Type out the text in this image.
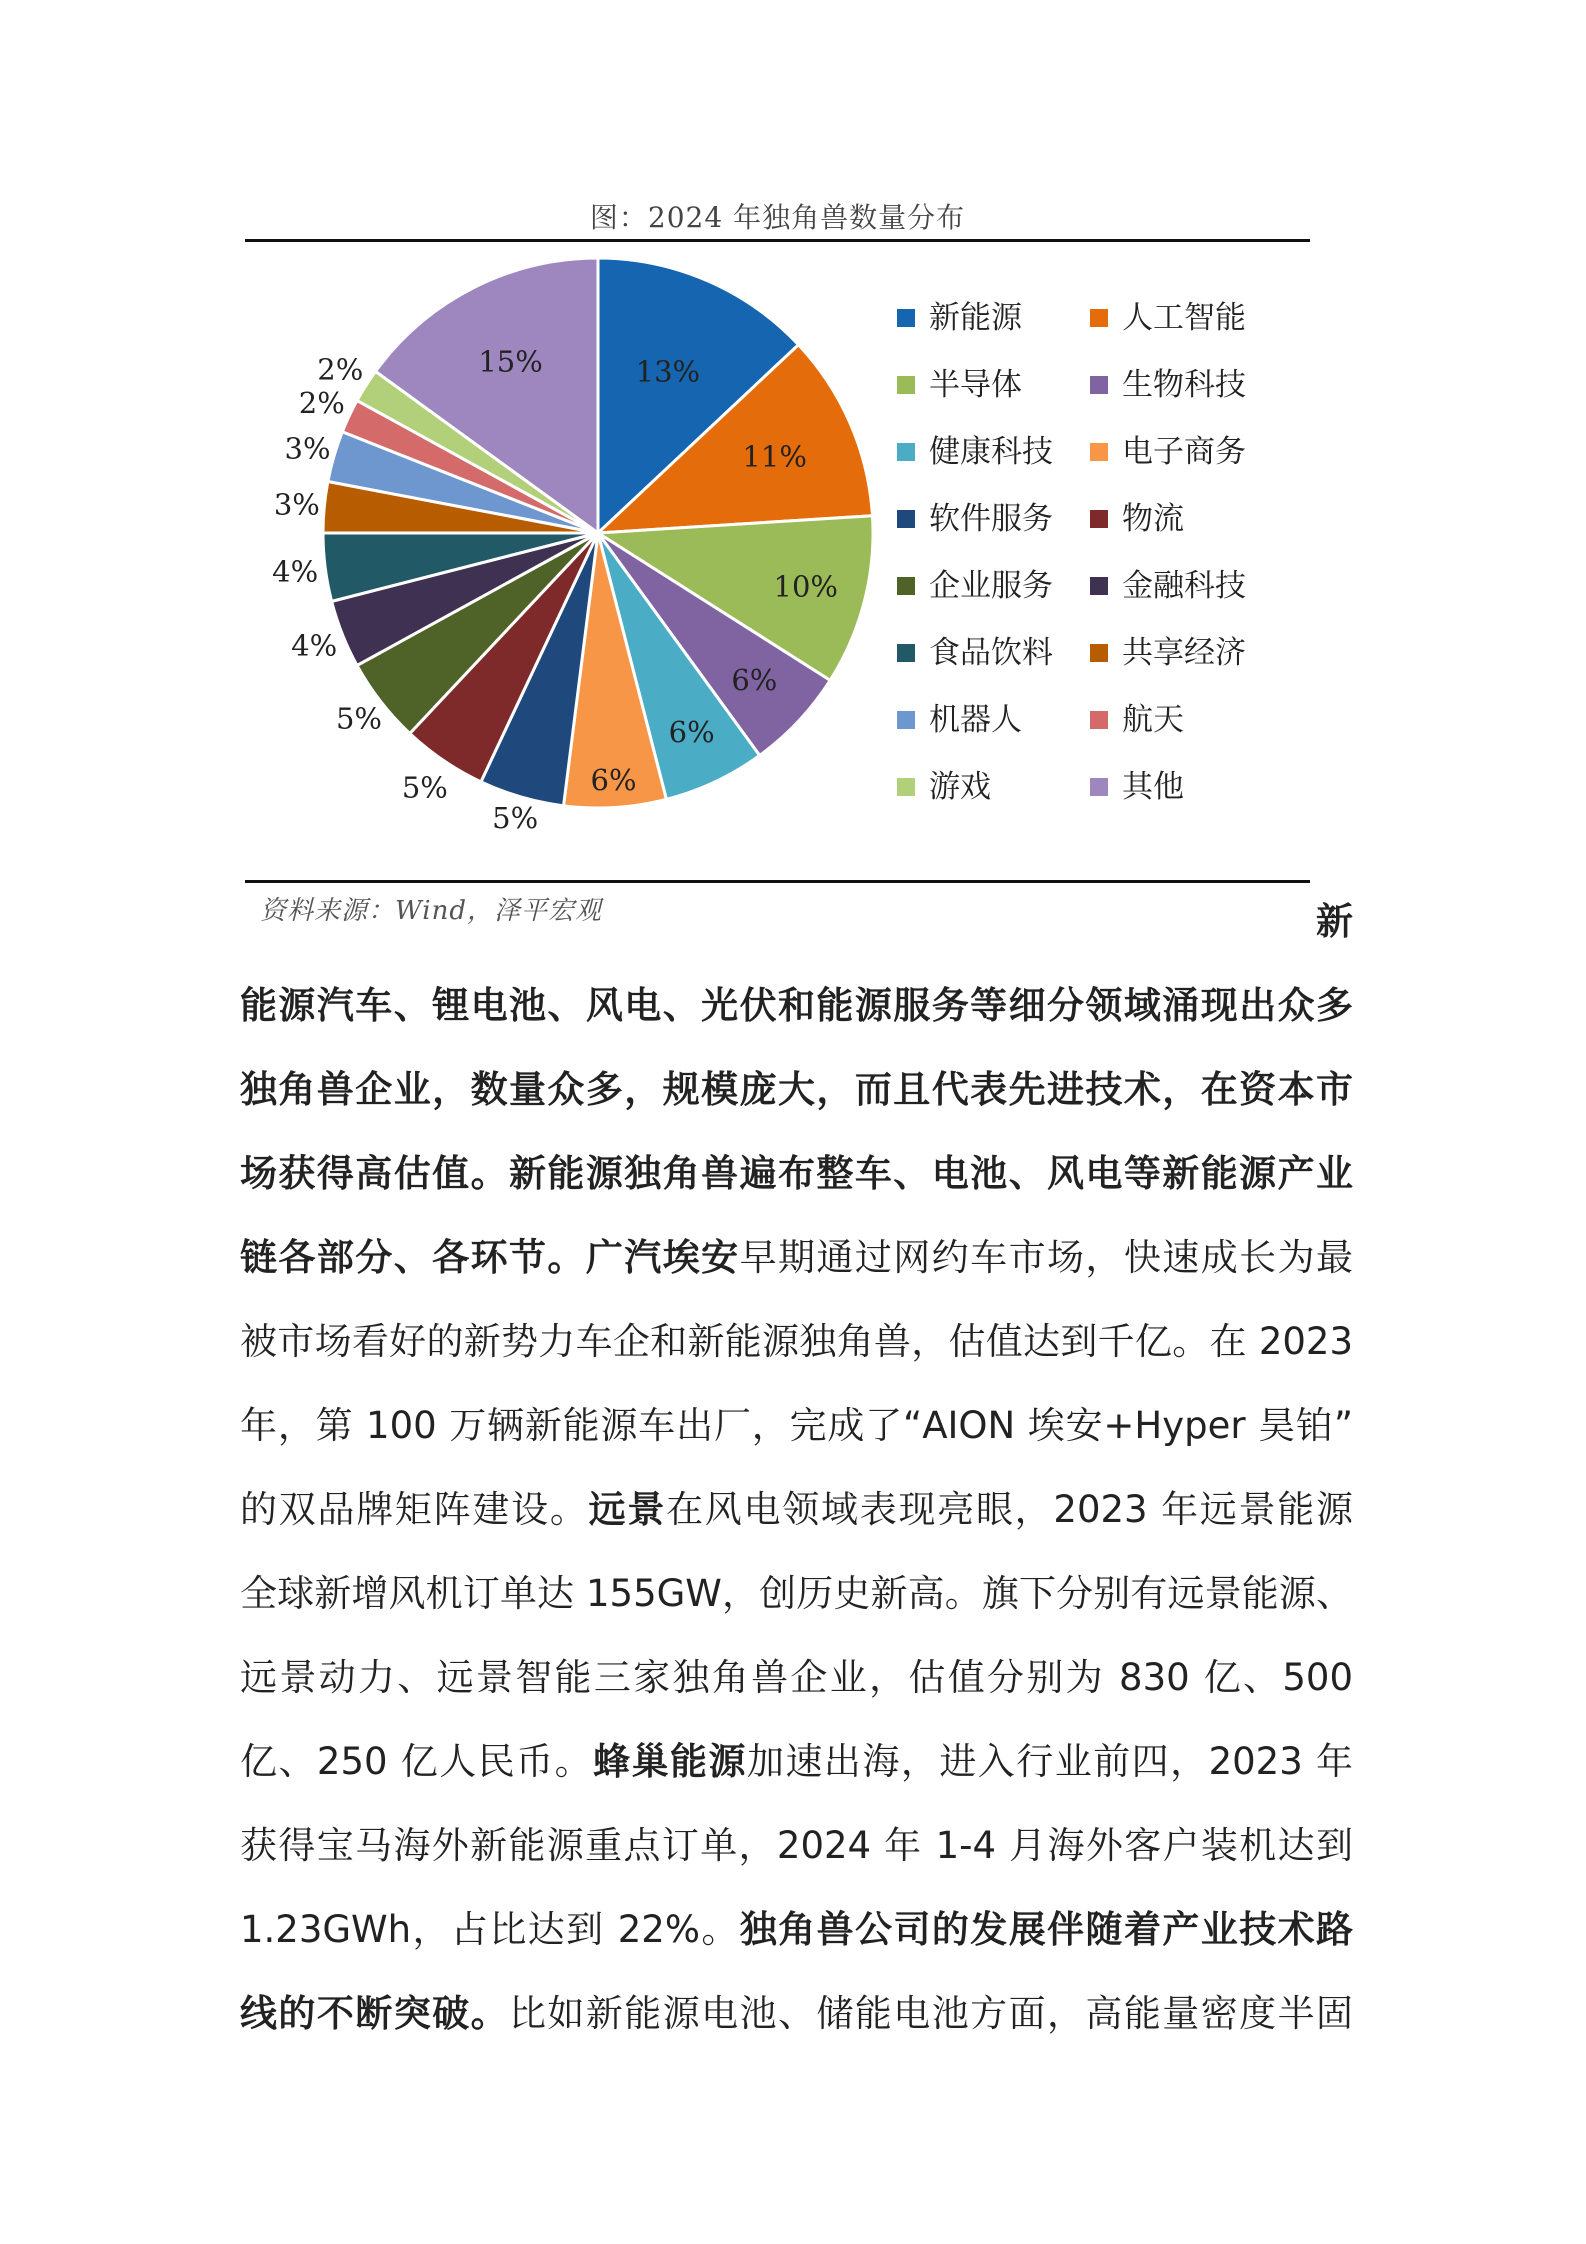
图：2024 年独角兽数量分布
13%
11%
10%
6%
6%
6%
5%
5%
5%
4%
4%
3%
3%
2%
2%	15%
新能源	人工智能
半导体	生物科技
健康科技 电子商务
软件服务 物流
企业服务 金融科技
食品饮料 共享经济
机器人	航天
游戏	其他
资料来源：Wind，泽平宏观	新
能源汽车、锂电池、风电、光伏和能源服务等细分领域涌现出众多
独角兽企业，数量众多，规模庞大，而且代表先进技术，在资本市
场获得高估值。新能源独角兽遍布整车、电池、风电等新能源产业
链各部分、各环节。广汽埃安早期通过网约车市场，快速成长为最
被市场看好的新势力车企和新能源独角兽，估值达到千亿。在 2023
年，第 100 万辆新能源车出厂，完成了“AION 埃安+Hyper 昊铂”
的双品牌矩阵建设。远景在风电领域表现亮眼，2023 年远景能源
全球新增风机订单达 155GW，创历史新高。旗下分别有远景能源、
远景动力、远景智能三家独角兽企业，估值分别为 830 亿、500
亿、250 亿人民币。蜂巢能源加速出海，进入行业前四，2023 年
获得宝马海外新能源重点订单，2024 年 1-4 月海外客户装机达到
1.23GWh，占比达到 22%。独角兽公司的发展伴随着产业技术路
线的不断突破。比如新能源电池、储能电池方面，高能量密度半固
